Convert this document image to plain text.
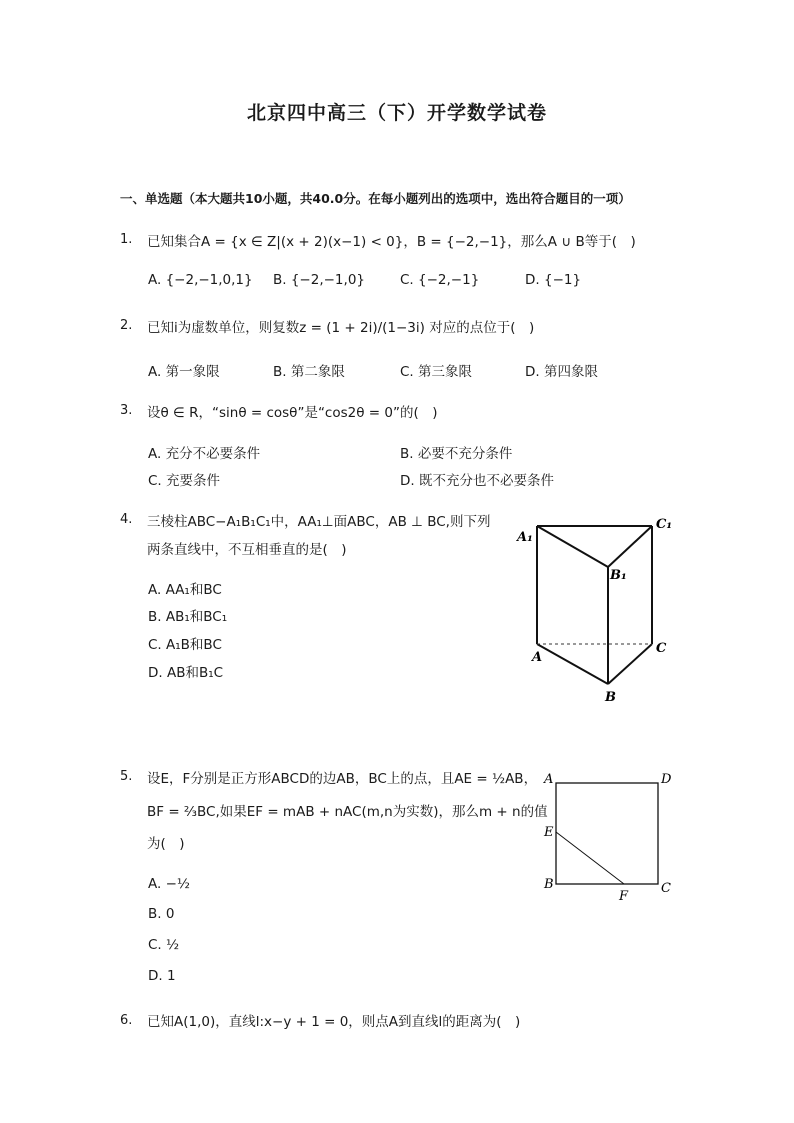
北京四中高三（下）开学数学试卷
一、单选题（本大题共10小题，共40.0分。在每小题列出的选项中，选出符合题目的一项）
1. 已知集合A = {x ∈ Z|(x + 2)(x−1) < 0}，B = {−2,−1}，那么A ∪ B等于(　)
A. {−2,−1,0,1} B. {−2,−1,0}	C. {−2,−1}	D. {−1}
2. 已知i为虚数单位，则复数z = (1 + 2i)/(1−3i) 对应的点位于(　)
A. 第一象限	B. 第二象限	C. 第三象限	D. 第四象限
3. 设θ ∈ R，“sinθ = cosθ”是“cos2θ = 0”的(　)
A. 充分不必要条件	B. 必要不充分条件
C. 充要条件	D. 既不充分也不必要条件
4. 三棱柱ABC−A₁B₁C₁中，AA₁⊥面ABC，AB ⊥ BC,则下列
两条直线中，不互相垂直的是(　)
A. AA₁和BC
B. AB₁和BC₁
C. A₁B和BC
D. AB和B₁C
A₁
B₁
C₁
A
B
C
5. 设E，F分别是正方形ABCD的边AB，BC上的点，且AE = ½AB，
BF = ⅔BC,如果EF = mAB + nAC(m,n为实数)，那么m + n的值
为(　)
A. −½
B. 0
C. ½
D. 1
A	D
E
B	C
F
6. 已知A(1,0)，直线l:x−y + 1 = 0，则点A到直线l的距离为(　)
